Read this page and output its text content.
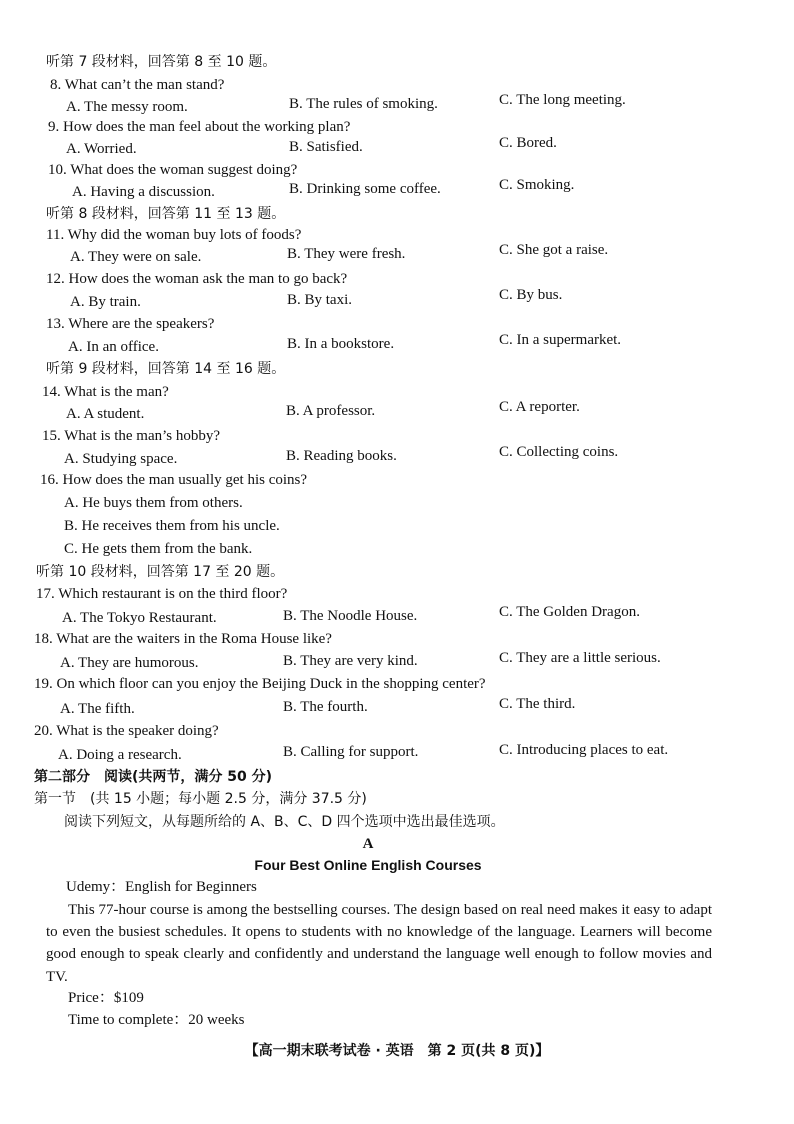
听第 7 段材料，回答第 8 至 10 题。
8. What can’t the man stand?
A. The messy room.	B. The rules of smoking.	C. The long meeting.
9. How does the man feel about the working plan?
A. Worried.	B. Satisfied.	C. Bored.
10. What does the woman suggest doing?
A. Having a discussion.	B. Drinking some coffee.	C. Smoking.
听第 8 段材料，回答第 11 至 13 题。
11. Why did the woman buy lots of foods?
A. They were on sale.	B. They were fresh.	C. She got a raise.
12. How does the woman ask the man to go back?
A. By train.	B. By taxi.	C. By bus.
13. Where are the speakers?
A. In an office.	B. In a bookstore.	C. In a supermarket.
听第 9 段材料，回答第 14 至 16 题。
14. What is the man?
A. A student.	B. A professor.	C. A reporter.
15. What is the man’s hobby?
A. Studying space.	B. Reading books.	C. Collecting coins.
16. How does the man usually get his coins?
A. He buys them from others.
B. He receives them from his uncle.
C. He gets them from the bank.
听第 10 段材料，回答第 17 至 20 题。
17. Which restaurant is on the third floor?
A. The Tokyo Restaurant.	B. The Noodle House.	C. The Golden Dragon.
18. What are the waiters in the Roma House like?
A. They are humorous.	B. They are very kind.	C. They are a little serious.
19. On which floor can you enjoy the Beijing Duck in the shopping center?
A. The fifth.	B. The fourth.	C. The third.
20. What is the speaker doing?
A. Doing a research.	B. Calling for support.	C. Introducing places to eat.
第二部分　阅读(共两节，满分 50 分)
第一节　(共 15 小题；每小题 2.5 分，满分 37.5 分)
阅读下列短文，从每题所给的 A、B、C、D 四个选项中选出最佳选项。
A
Four Best Online English Courses
Udemy：English for Beginners
This 77-hour course is among the bestselling courses. The design based on real need makes it easy to adapt to even the busiest schedules. It opens to students with no knowledge of the language. Learners will become good enough to speak clearly and confidently and understand the language well enough to follow movies and TV.
Price：$109
Time to complete：20 weeks
【高一期末联考试卷 · 英语　第 2 页(共 8 页)】
